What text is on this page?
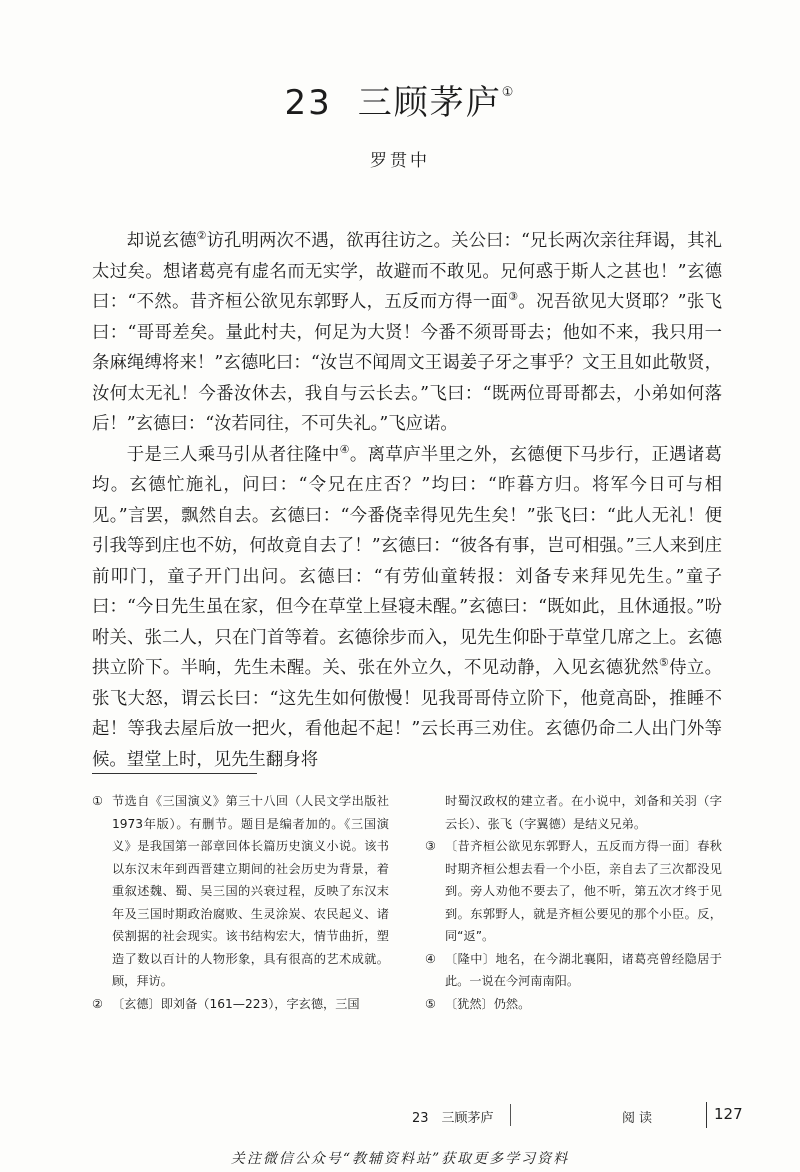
23 三顾茅庐①
罗贯中

却说玄德②访孔明两次不遇，欲再往访之。关公曰：“兄长两次亲往拜谒，其礼太过矣。想诸葛亮有虚名而无实学，故避而不敢见。兄何惑于斯人之甚也！”玄德曰：“不然。昔齐桓公欲见东郭野人，五反而方得一面③。况吾欲见大贤耶？”张飞曰：“哥哥差矣。量此村夫，何足为大贤！今番不须哥哥去；他如不来，我只用一条麻绳缚将来！”玄德叱曰：“汝岂不闻周文王谒姜子牙之事乎？文王且如此敬贤，汝何太无礼！今番汝休去，我自与云长去。”飞曰：“既两位哥哥都去，小弟如何落后！”玄德曰：“汝若同往，不可失礼。”飞应诺。

于是三人乘马引从者往隆中④。离草庐半里之外，玄德便下马步行，正遇诸葛均。玄德忙施礼，问曰：“令兄在庄否？”均曰：“昨暮方归。将军今日可与相见。”言罢，飘然自去。玄德曰：“今番侥幸得见先生矣！”张飞曰：“此人无礼！便引我等到庄也不妨，何故竟自去了！”玄德曰：“彼各有事，岂可相强。”三人来到庄前叩门，童子开门出问。玄德曰：“有劳仙童转报：刘备专来拜见先生。”童子曰：“今日先生虽在家，但今在草堂上昼寝未醒。”玄德曰：“既如此，且休通报。”吩咐关、张二人，只在门首等着。玄德徐步而入，见先生仰卧于草堂几席之上。玄德拱立阶下。半晌，先生未醒。关、张在外立久，不见动静，入见玄德犹然⑤侍立。张飞大怒，谓云长曰：“这先生如何傲慢！见我哥哥侍立阶下，他竟高卧，推睡不起！等我去屋后放一把火，看他起不起！”云长再三劝住。玄德仍命二人出门外等候。望堂上时，见先生翻身将

① 节选自《三国演义》第三十八回（人民文学出版社1973年版）。有删节。题目是编者加的。《三国演义》是我国第一部章回体长篇历史演义小说。该书以东汉末年到西晋建立期间的社会历史为背景，着重叙述魏、蜀、吴三国的兴衰过程，反映了东汉末年及三国时期政治腐败、生灵涂炭、农民起义、诸侯割据的社会现实。该书结构宏大，情节曲折，塑造了数以百计的人物形象，具有很高的艺术成就。顾，拜访。
② 〔玄德〕即刘备（161—223），字玄德，三国
时蜀汉政权的建立者。在小说中，刘备和关羽（字云长）、张飞（字翼德）是结义兄弟。
③ 〔昔齐桓公欲见东郭野人，五反而方得一面〕春秋时期齐桓公想去看一个小臣，亲自去了三次都没见到。旁人劝他不要去了，他不听，第五次才终于见到。东郭野人，就是齐桓公要见的那个小臣。反，同“返”。
④ 〔隆中〕地名，在今湖北襄阳，诸葛亮曾经隐居于此。一说在今河南南阳。
⑤ 〔犹然〕仍然。
23　三顾茅庐	阅读	127
关注微信公众号“教辅资料站”获取更多学习资料
